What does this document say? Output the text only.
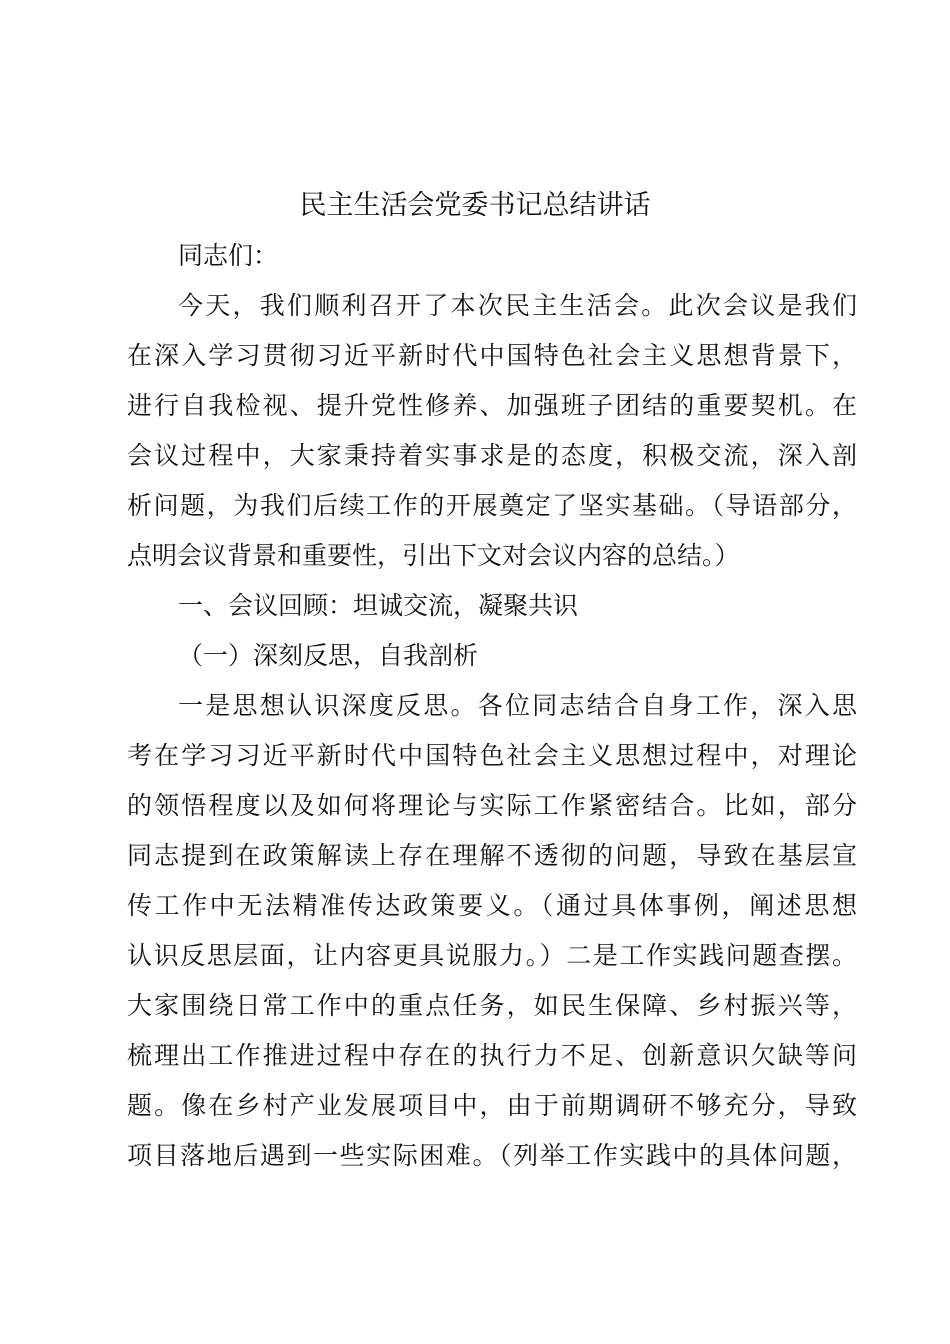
民主生活会党委书记总结讲话
同志们：
今天，我们顺利召开了本次民主生活会。此次会议是我们
在深入学习贯彻习近平新时代中国特色社会主义思想背景下，
进行自我检视、提升党性修养、加强班子团结的重要契机。在
会议过程中，大家秉持着实事求是的态度，积极交流，深入剖
析问题，为我们后续工作的开展奠定了坚实基础。（导语部分，
点明会议背景和重要性，引出下文对会议内容的总结。）
一、会议回顾：坦诚交流，凝聚共识
（一）深刻反思，自我剖析
一是思想认识深度反思。各位同志结合自身工作，深入思
考在学习习近平新时代中国特色社会主义思想过程中，对理论
的领悟程度以及如何将理论与实际工作紧密结合。比如，部分
同志提到在政策解读上存在理解不透彻的问题，导致在基层宣
传工作中无法精准传达政策要义。（通过具体事例，阐述思想
认识反思层面，让内容更具说服力。）二是工作实践问题查摆。
大家围绕日常工作中的重点任务，如民生保障、乡村振兴等，
梳理出工作推进过程中存在的执行力不足、创新意识欠缺等问
题。像在乡村产业发展项目中，由于前期调研不够充分，导致
项目落地后遇到一些实际困难。（列举工作实践中的具体问题，
